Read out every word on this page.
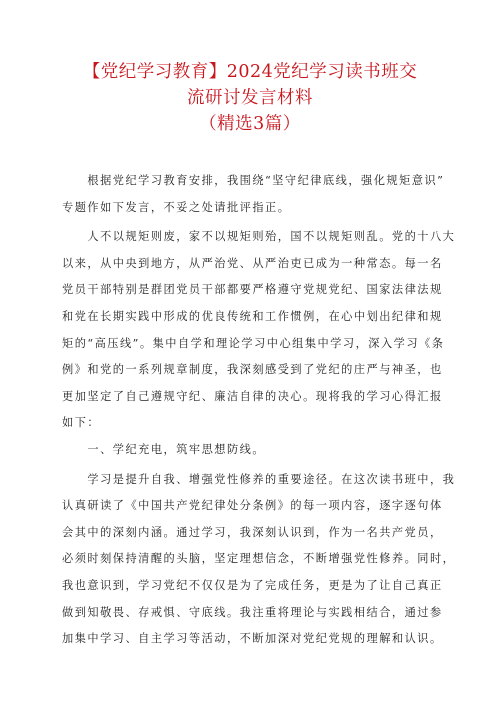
【党纪学习教育】2024党纪学习读书班交
流研讨发言材料
（精选3篇）

　　根据党纪学习教育安排，我围绕“坚守纪律底线，强化规矩意识”
专题作如下发言，不妥之处请批评指正。

　　人不以规矩则废，家不以规矩则殆，国不以规矩则乱。党的十八大
以来，从中央到地方，从严治党、从严治吏已成为一种常态。每一名
党员干部特别是群团党员干部都要严格遵守党规党纪、国家法律法规
和党在长期实践中形成的优良传统和工作惯例，在心中划出纪律和规
矩的“高压线”。集中自学和理论学习中心组集中学习，深入学习《条
例》和党的一系列规章制度，我深刻感受到了党纪的庄严与神圣，也
更加坚定了自己遵规守纪、廉洁自律的决心。现将我的学习心得汇报
如下：

　　一、学纪充电，筑牢思想防线。

　　学习是提升自我、增强党性修养的重要途径。在这次读书班中，我
认真研读了《中国共产党纪律处分条例》的每一项内容，逐字逐句体
会其中的深刻内涵。通过学习，我深刻认识到，作为一名共产党员，
必须时刻保持清醒的头脑，坚定理想信念，不断增强党性修养。同时，
我也意识到，学习党纪不仅仅是为了完成任务，更是为了让自己真正
做到知敬畏、存戒惧、守底线。我注重将理论与实践相结合，通过参
加集中学习、自主学习等活动，不断加深对党纪党规的理解和认识。
